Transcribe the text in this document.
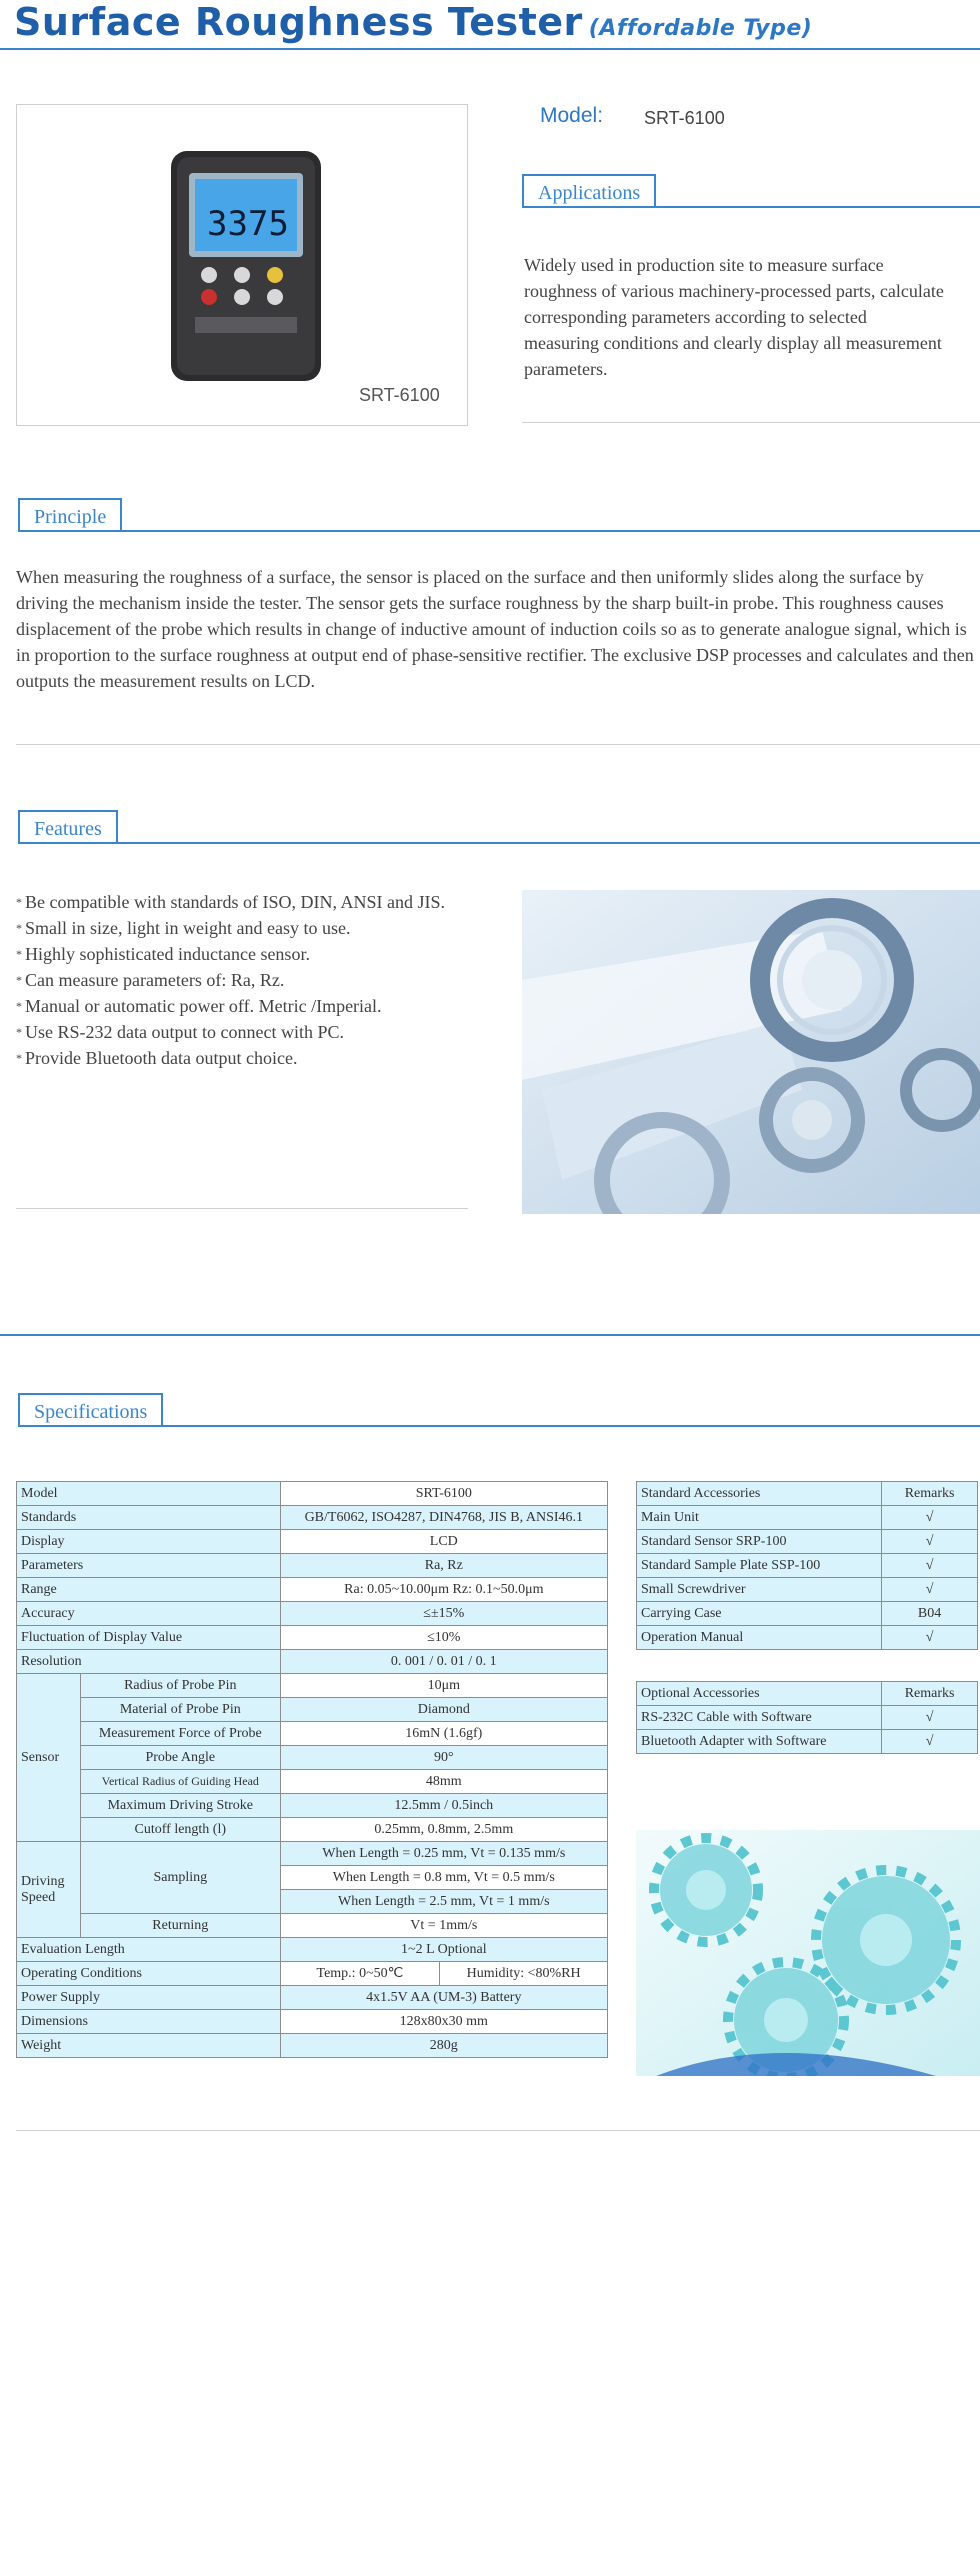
Surface Roughness Tester (Affordable Type)
3375
SRT-6100
Model: SRT-6100
Applications
Widely used in production site to measure surface roughness of various machinery-processed parts, calculate corresponding parameters according to selected measuring conditions and clearly display all measurement parameters.
Principle
When measuring the roughness of a surface, the sensor is placed on the surface and then uniformly slides along the surface by driving the mechanism inside the tester. The sensor gets the surface roughness by the sharp built-in probe. This roughness causes displacement of the probe which results in change of inductive amount of induction coils so as to generate analogue signal, which is in proportion to the surface roughness at output end of phase-sensitive rectifier. The exclusive DSP processes and calculates and then outputs the measurement results on LCD.
Features
* Be compatible with standards of ISO, DIN, ANSI and JIS.
* Small in size, light in weight and easy to use.
* Highly sophisticated inductance sensor.
* Can measure parameters of: Ra, Rz.
* Manual or automatic power off. Metric /Imperial.
* Use RS-232 data output to connect with PC.
* Provide Bluetooth data output choice.
Specifications
Model		SRT-6100	
Standards		GB/T6062, ISO4287, DIN4768, JIS B, ANSI46.1	
Display		LCD	
Parameters		Ra, Rz	
Range		Ra: 0.05~10.00μm Rz: 0.1~50.0μm	
Accuracy		≤±15%	
Fluctuation of Display Value		≤10%	
Resolution		0. 001 / 0. 01 / 0. 1	
Sensor	Radius of Probe Pin	10μm	
	Material of Probe Pin	Diamond	
	Measurement Force of Probe	16mN (1.6gf)	
	Probe Angle	90°	
	Vertical Radius of Guiding Head	48mm	
	Maximum Driving Stroke	12.5mm / 0.5inch	
	Cutoff length (l)	0.25mm, 0.8mm, 2.5mm	
Driving Speed	Sampling	When Length = 0.25 mm, Vt = 0.135 mm/s	
		When Length = 0.8 mm, Vt = 0.5 mm/s	
		When Length = 2.5 mm, Vt = 1 mm/s	
	Returning	Vt = 1mm/s	
Evaluation Length		1~2 L Optional	
Operating Conditions		Temp.: 0~50℃	Humidity: <80%RH
Power Supply		4x1.5V AA (UM-3) Battery	
Dimensions		128x80x30 mm	
Weight		280g	
Standard Accessories	Remarks
Main Unit	√
Standard Sensor SRP-100	√
Standard Sample Plate SSP-100	√
Small Screwdriver	√
Carrying Case	B04
Operation Manual	√
Optional Accessories	Remarks
RS-232C Cable with Software	√
Bluetooth Adapter with Software	√
